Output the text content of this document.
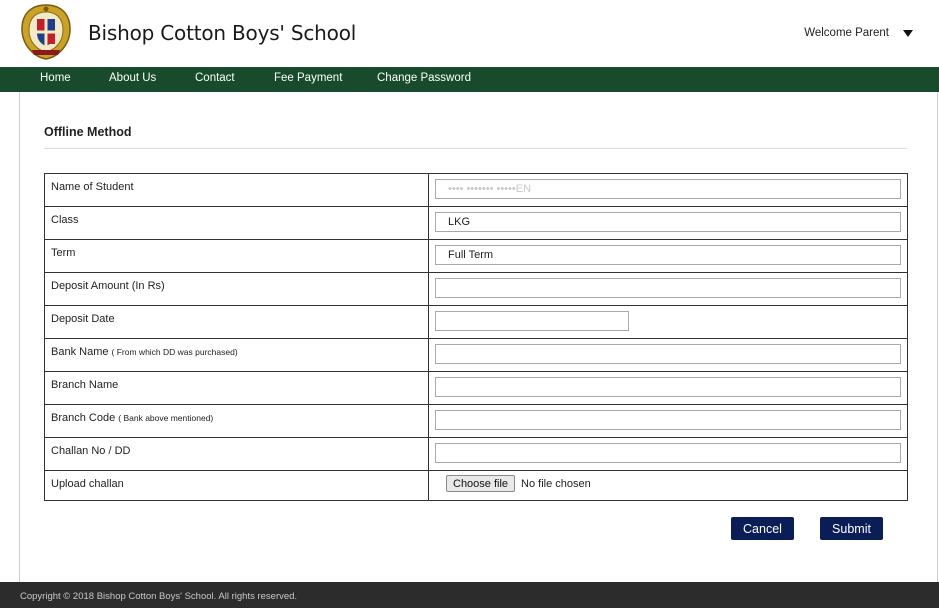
Bishop Cotton Boys' School	Welcome Parent
Home	About Us	Contact	Fee Payment	Change Password
Offline Method
Name of Student	•••• ••••••• •••••EN

Class	LKG

Term	Full Term

Deposit Amount (In Rs)	

Deposit Date	

Bank Name ( From which DD was purchased)	

Branch Name	

Branch Code ( Bank above mentioned)	

Challan No / DD	

Upload challan	Choose file No file chosen
Cancel	Submit
Copyright © 2018 Bishop Cotton Boys' School. All rights reserved.
